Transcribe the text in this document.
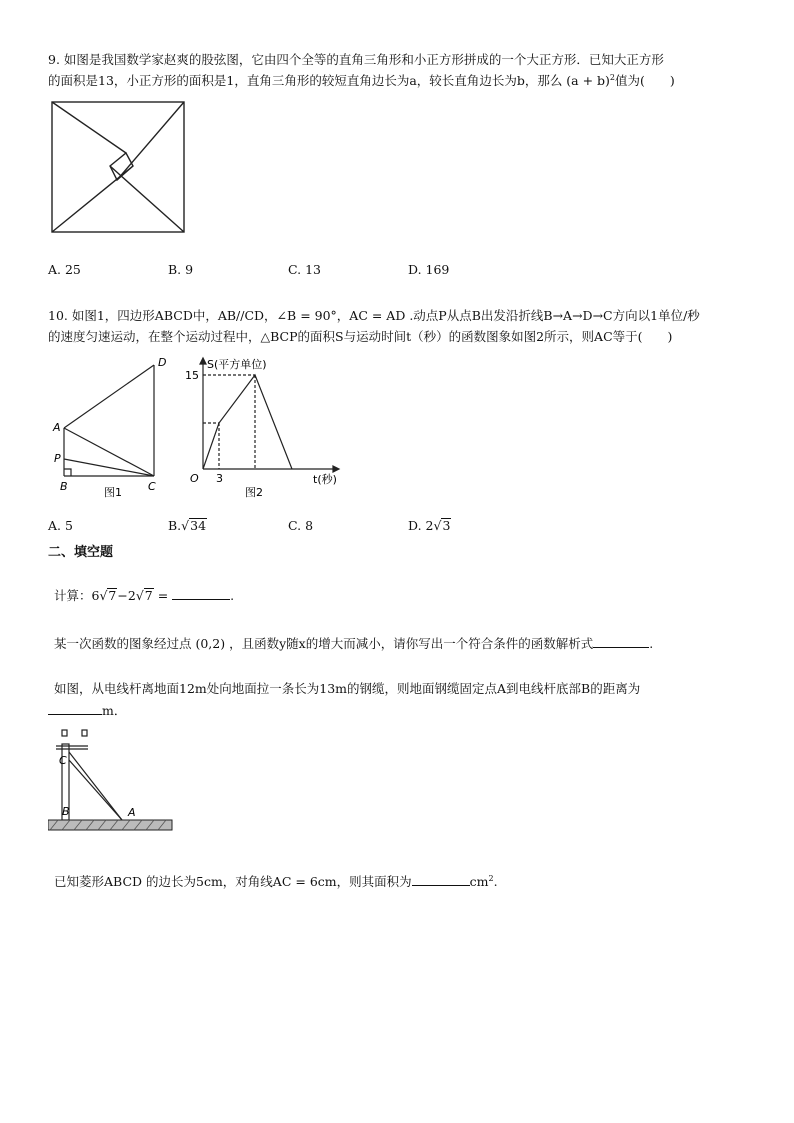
9. 如图是我国数学家赵爽的股弦图，它由四个全等的直角三角形和小正方形拼成的一个大正方形．已知大正方形
的面积是13，小正方形的面积是1，直角三角形的较短直角边长为a，较长直角边长为b，那么 $(a + b)^2$值为(　　)
A. 25	B. 9	C. 13	D. 169
10. 如图1，四边形ABCD中，AB//CD，∠B = 90°，AC = AD .动点P从点B出发沿折线B→A→D→C方向以1单位/秒
的速度匀速运动，在整个运动过程中，△BCP的面积S与运动时间t（秒）的函数图象如图2所示，则AC等于(　　)
D
A
P
B	C
图1
S(平方单位)
15
O 3	t(秒)
图2
A. 5	B.√34	C. 8	D. 2√3
二、填空题
计算：6√7−2√7 =	.
某一次函数的图象经过点 (0,2) ，且函数y随x的增大而减小，请你写出一个符合条件的函数解析式	.
如图，从电线杆离地面12m处向地面拉一条长为13m的钢缆，则地面钢缆固定点A到电线杆底部B的距离为
m．
C
B	A
已知菱形ABCD 的边长为5cm，对角线AC = 6cm，则其面积为	$cm^2$.
